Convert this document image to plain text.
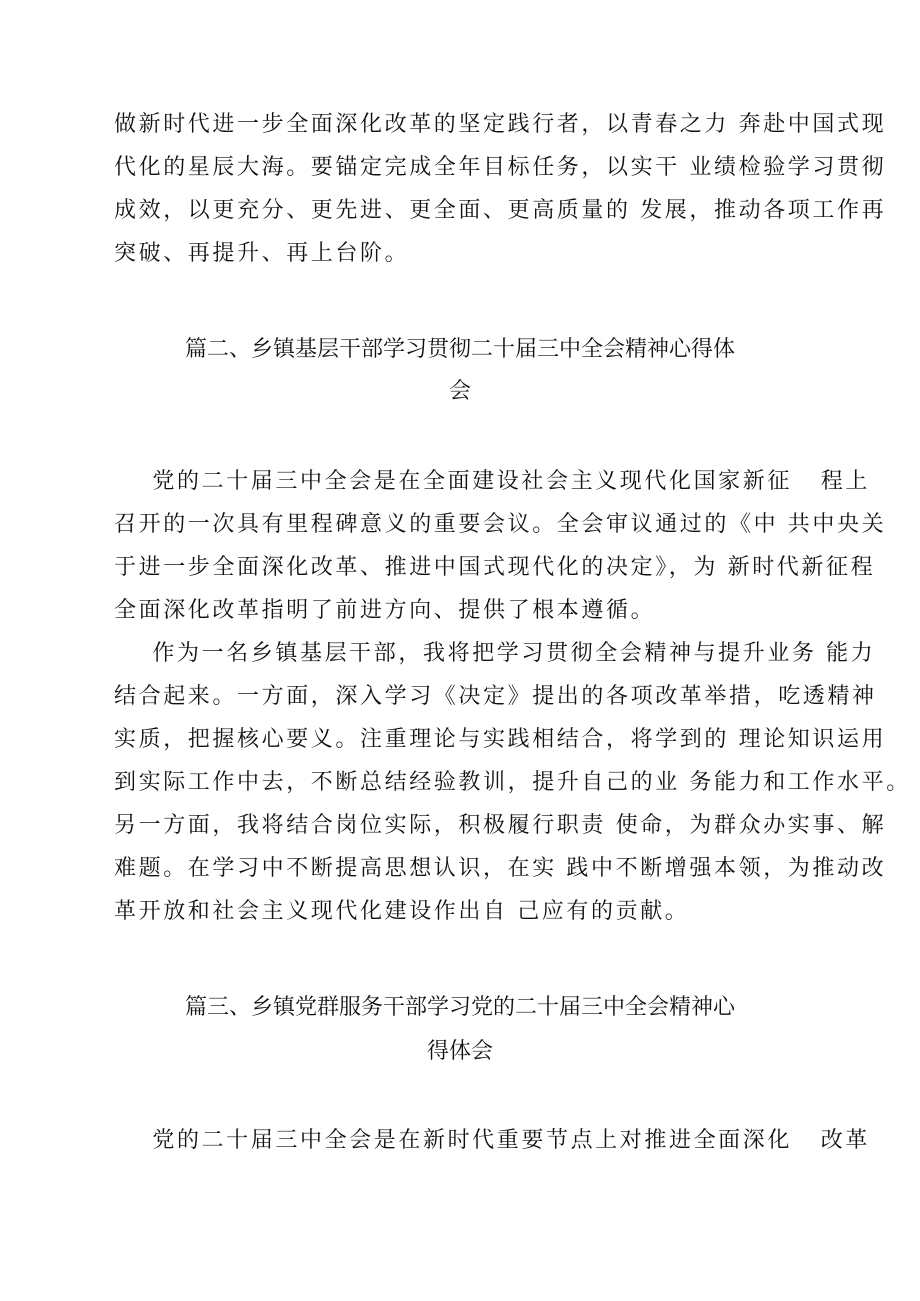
做新时代进一步全面深化改革的坚定践行者，以青春之力 奔赴中国式现
代化的星辰大海。要锚定完成全年目标任务，以实干 业绩检验学习贯彻
成效，以更充分、更先进、更全面、更高质量的 发展，推动各项工作再
突破、再提升、再上台阶。
篇二、乡镇基层干部学习贯彻二十届三中全会精神心得体
会
党的二十届三中全会是在全面建设社会主义现代化国家新征   程上
召开的一次具有里程碑意义的重要会议。全会审议通过的《中 共中央关
于进一步全面深化改革、推进中国式现代化的决定》，为 新时代新征程
全面深化改革指明了前进方向、提供了根本遵循。
作为一名乡镇基层干部，我将把学习贯彻全会精神与提升业务 能力
结合起来。一方面，深入学习《决定》提出的各项改革举措，吃透精神
实质，把握核心要义。注重理论与实践相结合，将学到的 理论知识运用
到实际工作中去，不断总结经验教训，提升自己的业 务能力和工作水平。
另一方面，我将结合岗位实际，积极履行职责 使命，为群众办实事、解
难题。在学习中不断提高思想认识，在实 践中不断增强本领，为推动改
革开放和社会主义现代化建设作出自 己应有的贡献。
篇三、乡镇党群服务干部学习党的二十届三中全会精神心
得体会
党的二十届三中全会是在新时代重要节点上对推进全面深化   改革
